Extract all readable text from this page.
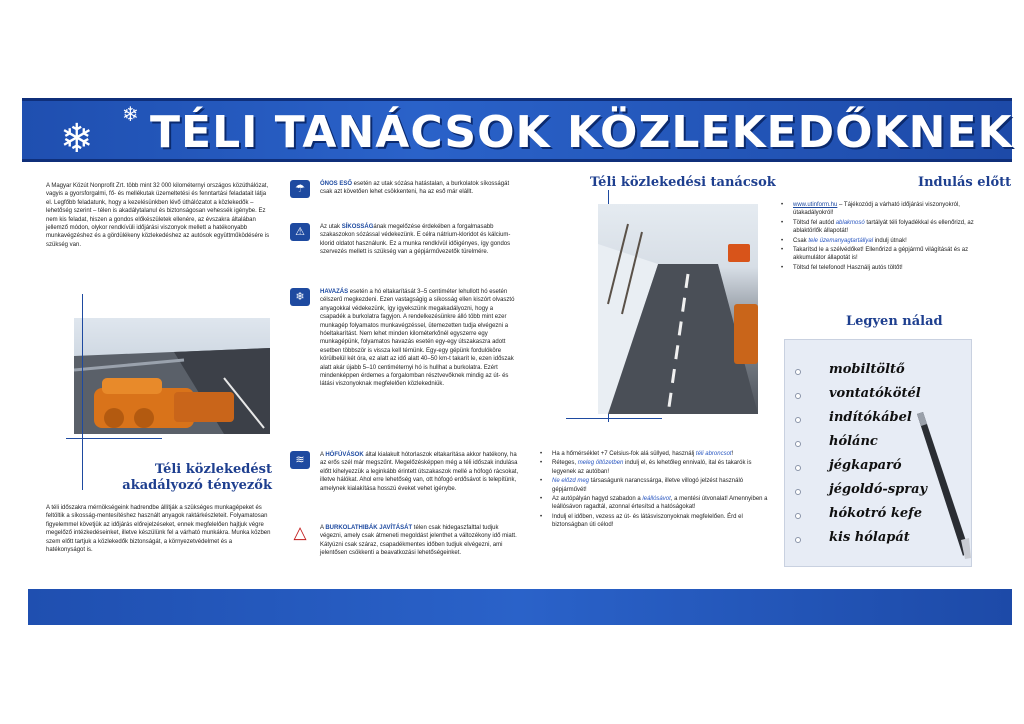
❄
❄ TÉLI TANÁCSOK KÖZLEKEDŐKNEK
A Magyar Közút Nonprofit Zrt. több mint 32 000 kilométernyi országos közúthálózat, vagyis a gyorsforgalmi, fő- és mellékutak üzemeltetési és fenntartási feladatait látja el. Legfőbb feladatunk, hogy a kezelésünkben lévő úthálózatot a közlekedők – lehetőség szerint – télen is akadálytalanul és biztonságosan vehessék igénybe. Ez nem kis feladat, hiszen a gondos előkészületek ellenére, az évszakra általában jellemző módon, olykor rendkívüli időjárási viszonyok mellett a hatékonyabb munkavégzéshez és a gördülékeny közlekedéshez az autósok együttműködésére is szükség van.
Téli közlekedést
akadályozó tényezők
A téli időszakra mérnökségeink hadrendbe állítják a szükséges munkagépeket és feltöltik a síkosság-mentesítéshez használt anyagok raktárkészleteit. Folyamatosan figyelemmel követjük az időjárás előrejelzéseket, ennek megfelelően hajtjuk végre megelőző intézkedéseinket, illetve készülünk fel a várható munkákra. Munka közben szem előtt tartjuk a közlekedők biztonságát, a környezetvédelmet és a hatékonyságot is.
☂	ÓNOS ESŐ esetén az utak sózása hatástalan, a burkolatok síkosságát csak azt követően lehet csökkenteni, ha az eső már elállt.
⚠	Az utak SÍKOSSÁGának megelőzése érdekében a forgalmasabb szakaszokon sózással védekezünk. E célra nátrium-kloridot és kálcium-klorid oldatot használunk. Ez a munka rendkívül időigényes, így gondos szervezés mellett is szükség van a gépjárművezetők türelmére.
❄	HAVAZÁS esetén a hó eltakarítását 3–5 centiméter lehullott hó esetén célszerű megkezdeni. Ezen vastagságig a síkosság ellen kiszórt olvasztó anyagokkal védekezünk, így igyekszünk megakadályozni, hogy a csapadék a burkolatra fagyjon. A rendelkezésünkre álló több mint ezer munkagép folyamatos munkavégzéssel, ütemezetten tudja elvégezni a hóeltakarítást. Nem lehet minden kilométerkőnél egyszerre egy munkagépünk, folyamatos havazás esetén egy-egy útszakaszra adott esetben többször is vissza kell térnünk. Egy-egy gépünk fordulóköre körülbelül két óra, ez alatt az idő alatt 40–50 km-t takarít le, ezen időszak alatt akár újabb 5–10 centiméternyi hó is hullhat a burkolatra. Ezért mindenképpen érdemes a forgalomban résztvevőknek mindig az út- és látási viszonyoknak megfelelően közlekedniük.
≋	A HÓFÚVÁSOK által kialakult hótorlaszok eltakarítása akkor hatékony, ha az erős szél már megszűnt. Megelőzésképpen még a téli időszak indulása előtt kihelyezzük a leginkább érintett útszakaszok mellé a hófogó rácsokat, illetve hálókat. Ahol erre lehetőség van, ott hófogó erdősávot is telepítünk, amelynek kialakítása hosszú éveket vehet igénybe.
△	A BURKOLATHIBÁK JAVÍTÁSÁT télen csak hidegaszfalttal tudjuk végezni, amely csak átmeneti megoldást jelenthet a változékony idő miatt. Kátyúzni csak száraz, csapadékmentes időben tudjuk elvégezni, ami jelentősen csökkenti a beavatkozási lehetőségeinket.
Téli közlekedési tanácsok
• Ha a hőmérséklet +7 Celsius-fok alá süllyed, használj téli abroncsot!
• Réteges, meleg öltözetben indulj el, és lehetőleg ennivaló, ital és takarók is legyenek az autóban!
• Ne előzd meg társaságunk narancssárga, illetve villogó jelzést használó gépjárművét!
• Az autópályán hagyd szabadon a leállósávot, a mentési útvonalat! Amennyiben a leállósávon ragadtál, azonnal értesítsd a hatóságokat!
• Indulj el időben, vezess az út- és látásviszonyoknak megfelelően. Érd el biztonságban úti célod!
Indulás előtt
• www.utinform.hu – Tájékozódj a várható időjárási viszonyokról, útakadályokról!
• Töltsd fel autód ablakmosó tartályát téli folyadékkal és ellenőrizd, az ablaktörlők állapotát!
• Csak tele üzemanyagtartállyal indulj útnak!
• Takarítsd le a szélvédőket! Ellenőrizd a gépjármű világítását és az akkumulátor állapotát is!
• Töltsd fel telefonod! Használj autós töltőt!
Legyen nálad
mobiltöltő
vontatókötél
indítókábel
hólánc
jégkaparó
jégoldó-spray
hókotró kefe
kis hólapát
